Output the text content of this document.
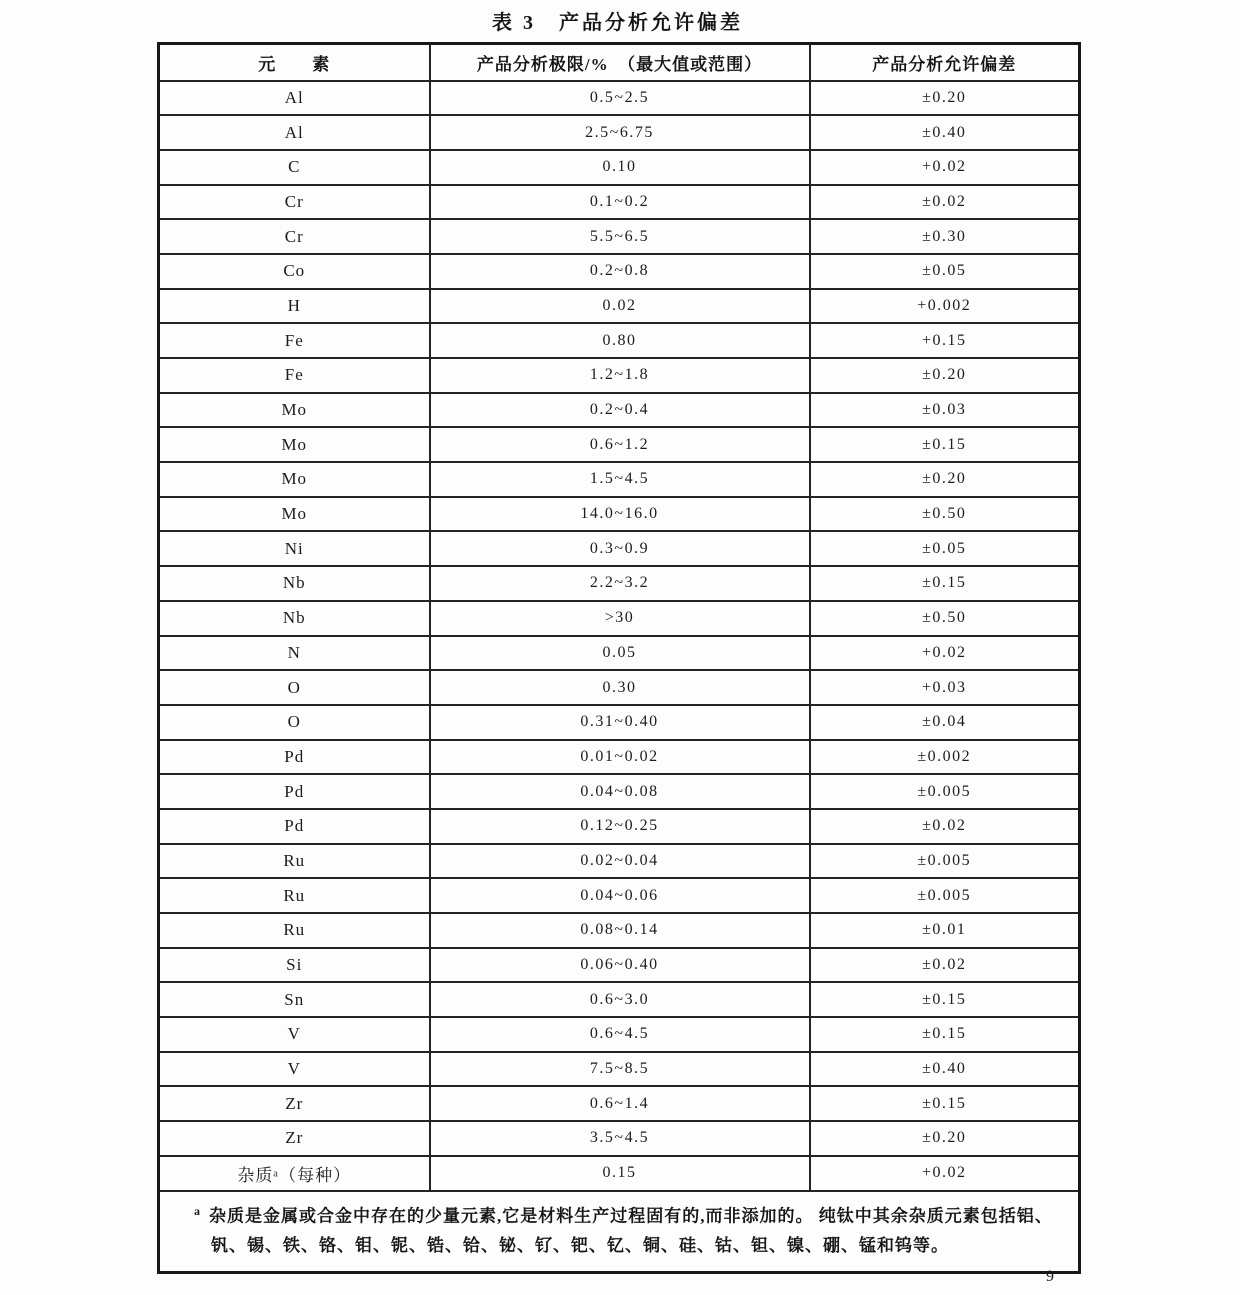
表 3　产品分析允许偏差
元　　素	产品分析极限/%　（最大值或范围）	产品分析允许偏差
Al	0.5~2.5	±0.20
Al	2.5~6.75	±0.40
C	0.10	+0.02
Cr	0.1~0.2	±0.02
Cr	5.5~6.5	±0.30
Co	0.2~0.8	±0.05
H	0.02	+0.002
Fe	0.80	+0.15
Fe	1.2~1.8	±0.20
Mo	0.2~0.4	±0.03
Mo	0.6~1.2	±0.15
Mo	1.5~4.5	±0.20
Mo	14.0~16.0	±0.50
Ni	0.3~0.9	±0.05
Nb	2.2~3.2	±0.15
Nb	>30	±0.50
N	0.05	+0.02
O	0.30	+0.03
O	0.31~0.40	±0.04
Pd	0.01~0.02	±0.002
Pd	0.04~0.08	±0.005
Pd	0.12~0.25	±0.02
Ru	0.02~0.04	±0.005
Ru	0.04~0.06	±0.005
Ru	0.08~0.14	±0.01
Si	0.06~0.40	±0.02
Sn	0.6~3.0	±0.15
V	0.6~4.5	±0.15
V	7.5~8.5	±0.40
Zr	0.6~1.4	±0.15
Zr	3.5~4.5	±0.20
杂质ᵃ（每种）	0.15	+0.02

$^a$ 杂质是金属或合金中存在的少量元素,它是材料生产过程固有的,而非添加的。 纯钛中其余杂质元素包括铝、
钒、锡、铁、铬、钼、铌、锆、铪、铋、钌、钯、钇、铜、硅、钴、钽、镍、硼、锰和钨等。		
9
